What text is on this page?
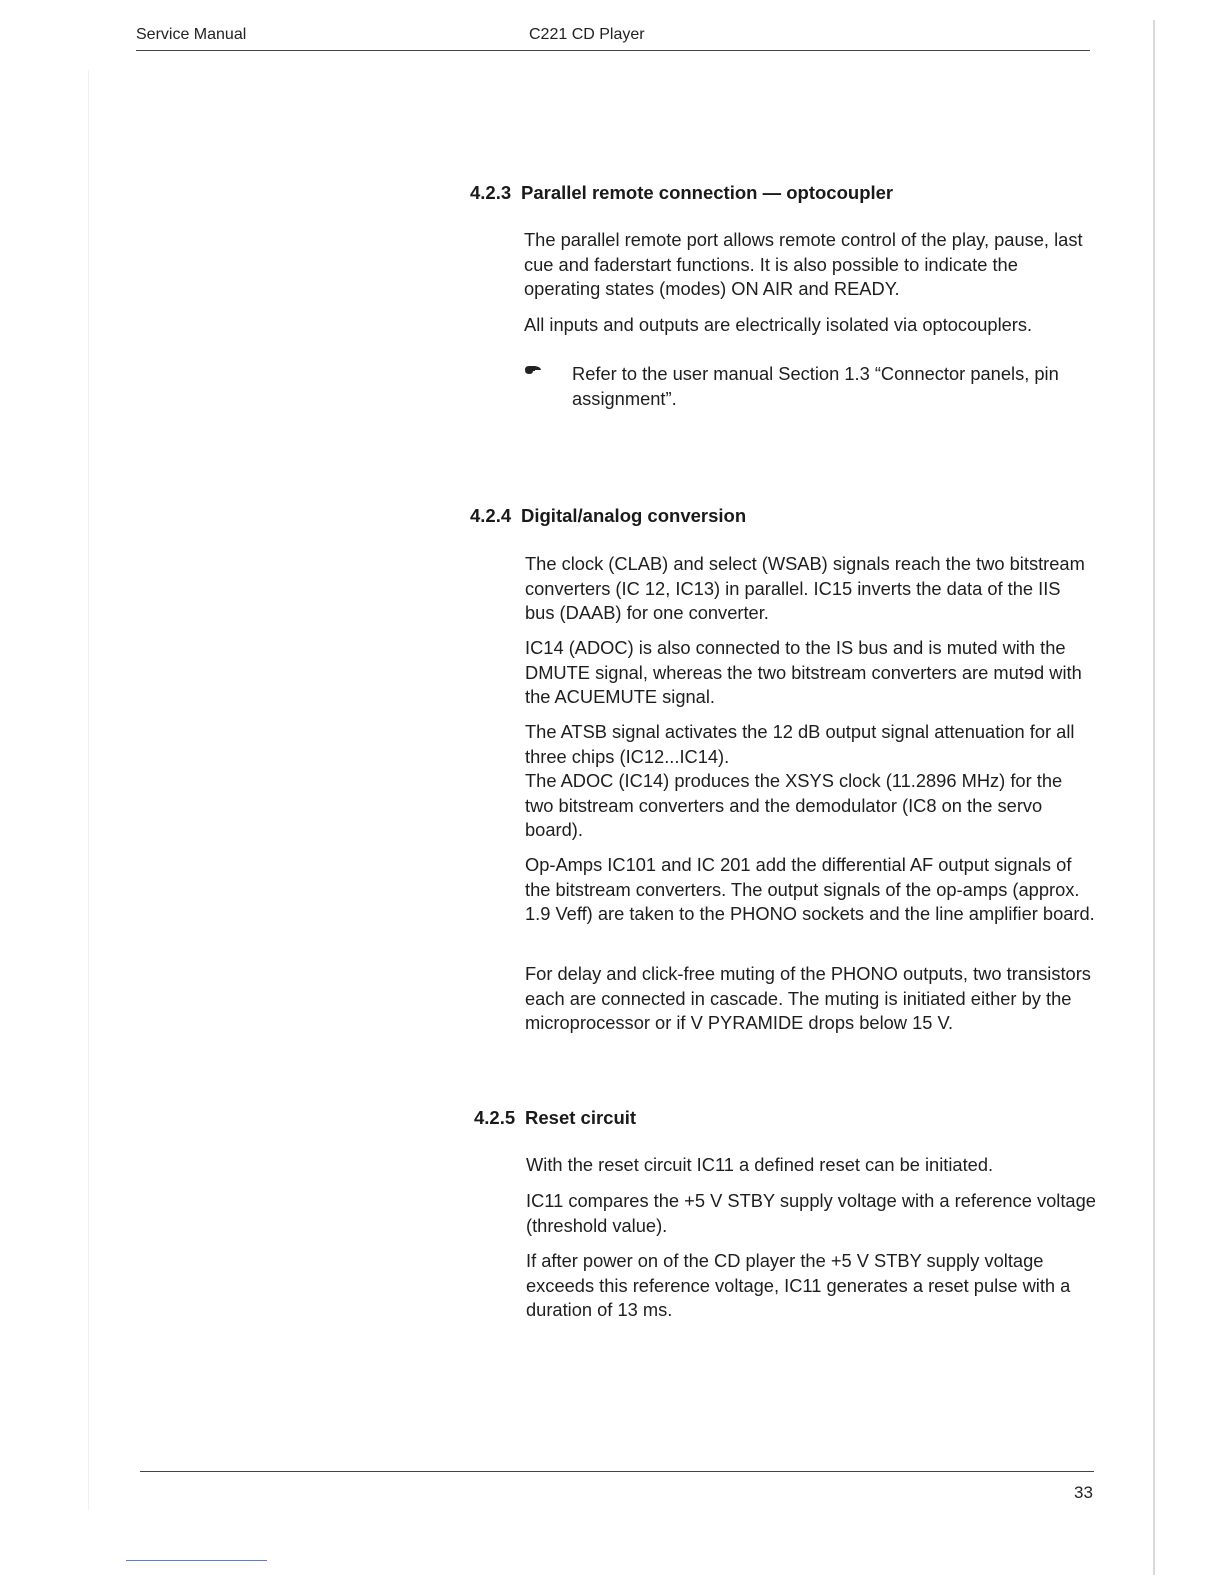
Service Manual	C221 CD Player
4.2.3 Parallel remote connection — optocoupler

The parallel remote port allows remote control of the play, pause, last cue and faderstart functions. It is also possible to indicate the operating states (modes) ON AIR and READY.

All inputs and outputs are electrically isolated via optocouplers.

Refer to the user manual Section 1.3 “Connector panels, pin assignment”.

4.2.4 Digital/analog conversion

The clock (CLAB) and select (WSAB) signals reach the two bitstream converters (IC 12, IC13) in parallel. IC15 inverts the data of the IIS bus (DAAB) for one converter.

IC14 (ADOC) is also connected to the IS bus and is muted with the DMUTE signal, whereas the two bitstream converters are mutɘd with the ACUEMUTE signal.

The ATSB signal activates the 12 dB output signal attenuation for all three chips (IC12...IC14).

The ADOC (IC14) produces the XSYS clock (11.2896 MHz) for the two bitstream converters and the demodulator (IC8 on the servo board).

Op-Amps IC101 and IC 201 add the differential AF output signals of the bitstream converters. The output signals of the op-amps (approx. 1.9 Veff) are taken to the PHONO sockets and the line amplifier board.

For delay and click-free muting of the PHONO outputs, two transistors each are connected in cascade. The muting is initiated either by the microprocessor or if V PYRAMIDE drops below 15 V.

4.2.5 Reset circuit

With the reset circuit IC11 a defined reset can be initiated.

IC11 compares the +5 V STBY supply voltage with a reference voltage (threshold value).

If after power on of the CD player the +5 V STBY supply voltage exceeds this reference voltage, IC11 generates a reset pulse with a duration of 13 ms.

33
